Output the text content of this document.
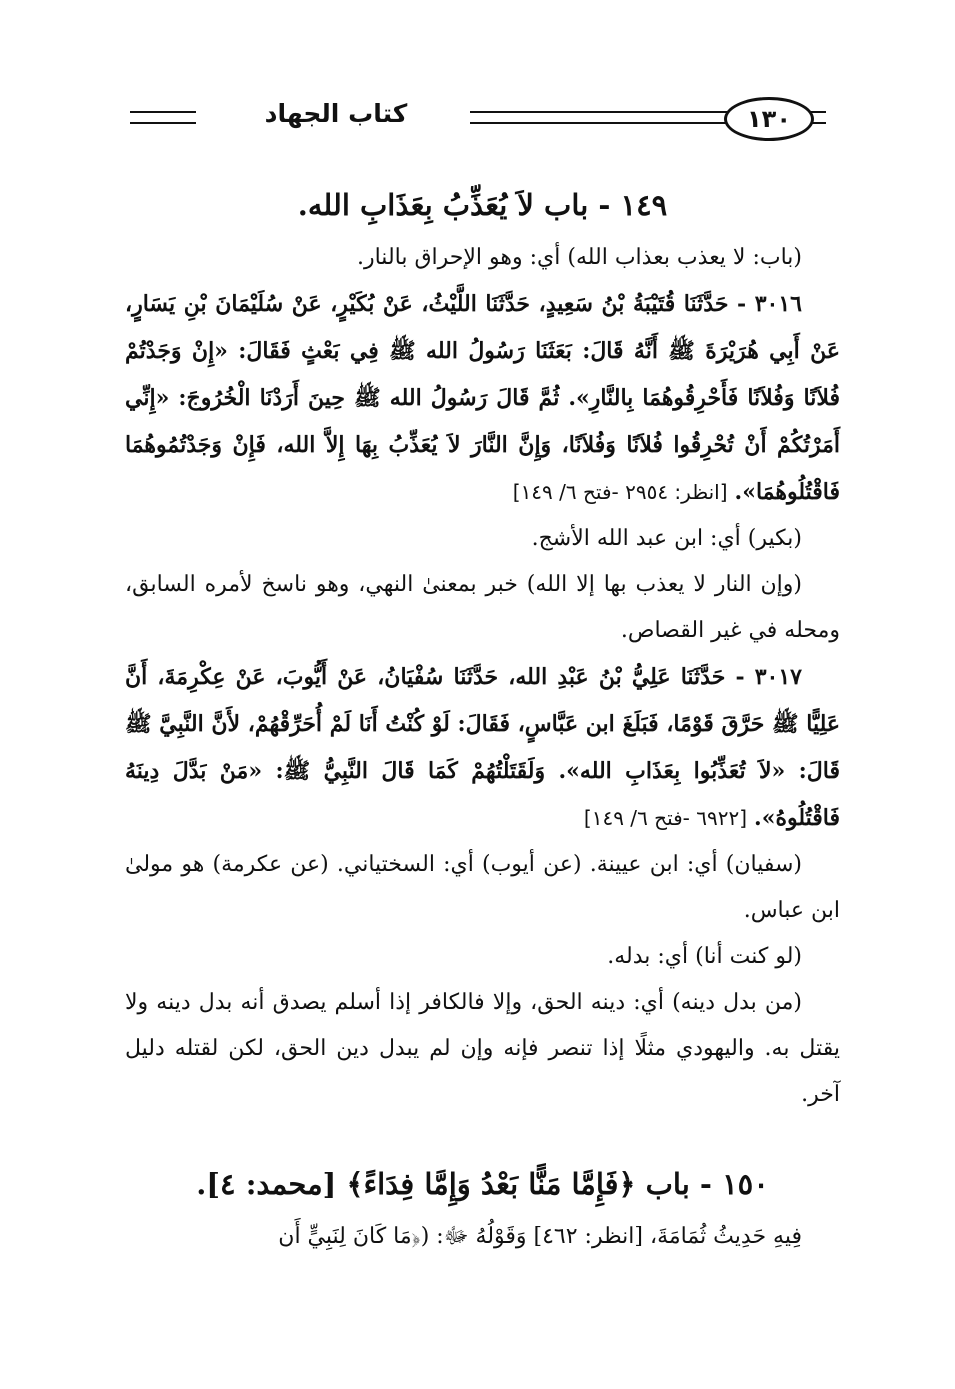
كتاب الجهاد	١٣٠
١٤٩ - باب لاَ يُعَذِّبُ بِعَذَابِ الله.

(باب: لا يعذب بعذاب الله) أي: وهو الإحراق بالنار.

٣٠١٦ - حَدَّثَنَا قُتَيْبَةُ بْنُ سَعِيدٍ، حَدَّثَنَا اللَّيْثُ، عَنْ بُكَيْرٍ، عَنْ سُلَيْمَانَ بْنِ يَسَارٍ، عَنْ أَبِي هُرَيْرَةَ ﷺ أَنَّهُ قَالَ: بَعَثَنَا رَسُولُ الله ﷺ فِي بَعْثٍ فَقَالَ: «إِنْ وَجَدْتُمْ فُلاَنًا وَفُلاَنًا فَأَحْرِقُوهُمَا بِالنَّارِ». ثُمَّ قَالَ رَسُولُ الله ﷺ حِينَ أَرَدْنَا الْخُرُوجَ: «إِنِّي أَمَرْتُكُمْ أَنْ تُحْرِقُوا فُلاَنًا وَفُلاَنًا، وَإِنَّ النَّارَ لاَ يُعَذِّبُ بِهَا إِلاَّ الله، فَإِنْ وَجَدْتُمُوهُمَا فَاقْتُلُوهُمَا». [انظر: ٢٩٥٤ -فتح ٦/ ١٤٩]

(بكير) أي: ابن عبد الله الأشج.

(وإن النار لا يعذب بها إلا الله) خبر بمعنىٰ النهي، وهو ناسخ لأمره السابق، ومحله في غير القصاص.

٣٠١٧ - حَدَّثَنَا عَلِيُّ بْنُ عَبْدِ الله، حَدَّثَنَا سُفْيَانُ، عَنْ أَيُّوبَ، عَنْ عِكْرِمَةَ، أَنَّ عَلِيًّا ﷺ حَرَّقَ قَوْمًا، فَبَلَغَ ابن عَبَّاسٍ، فَقَالَ: لَوْ كُنْتُ أَنَا لَمْ أُحَرِّقْهُمْ، لأَنَّ النَّبِيَّ ﷺ قَالَ: «لاَ تُعَذِّبُوا بِعَذَابِ الله». وَلَقَتَلْتُهُمْ كَمَا قَالَ النَّبِيُّ ﷺ: «مَنْ بَدَّلَ دِينَهُ فَاقْتُلُوهُ». [٦٩٢٢ -فتح ٦/ ١٤٩]

(سفيان) أي: ابن عيينة. (عن أيوب) أي: السختياني. (عن عكرمة) هو مولىٰ ابن عباس.

(لو كنت أنا) أي: بدله.

(من بدل دينه) أي: دينه الحق، وإلا فالكافر إذا أسلم يصدق أنه بدل دينه ولا يقتل به. واليهودي مثلًا إذا تنصر فإنه وإن لم يبدل دين الحق، لكن لقتله دليل آخر.

١٥٠ - باب ﴿فَإِمَّا مَنًّا بَعْدُ وَإِمَّا فِدَاءً﴾ [محمد: ٤].

فِيهِ حَدِيثُ ثُمَامَةَ، [انظر: ٤٦٢] وَقَوْلُهُ ﷻ: (﴿مَا كَانَ لِنَبِيٍّ أَن
